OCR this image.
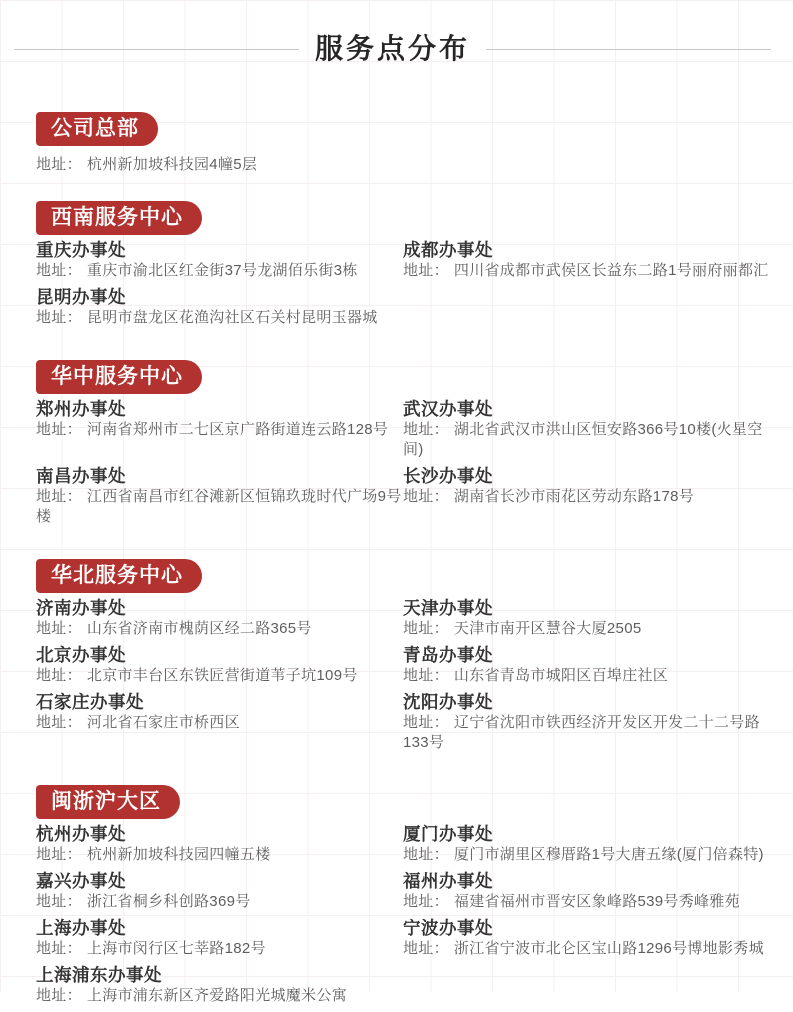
服务点分布
公司总部
地址： 杭州新加坡科技园4幢5层
西南服务中心
重庆办事处
地址： 重庆市渝北区红金街37号龙湖佰乐街3栋
成都办事处
地址： 四川省成都市武侯区长益东二路1号丽府丽都汇
昆明办事处
地址： 昆明市盘龙区花渔沟社区石关村昆明玉器城
华中服务中心
郑州办事处
地址： 河南省郑州市二七区京广路街道连云路128号
武汉办事处
地址： 湖北省武汉市洪山区恒安路366号10楼(火星空间)
南昌办事处
地址： 江西省南昌市红谷滩新区恒锦玖珑时代广场9号楼
长沙办事处
地址： 湖南省长沙市雨花区劳动东路178号
华北服务中心
济南办事处
地址： 山东省济南市槐荫区经二路365号
天津办事处
地址： 天津市南开区慧谷大厦2505
北京办事处
地址： 北京市丰台区东铁匠营街道苇子坑109号
青岛办事处
地址： 山东省青岛市城阳区百埠庄社区
石家庄办事处
地址： 河北省石家庄市桥西区
沈阳办事处
地址： 辽宁省沈阳市铁西经济开发区开发二十二号路133号
闽浙沪大区
杭州办事处
地址： 杭州新加坡科技园四幢五楼
厦门办事处
地址： 厦门市湖里区穆厝路1号大唐五缘(厦门倍森特)
嘉兴办事处
地址： 浙江省桐乡科创路369号
福州办事处
地址： 福建省福州市晋安区象峰路539号秀峰雅苑
上海办事处
地址： 上海市闵行区七莘路182号
宁波办事处
地址： 浙江省宁波市北仑区宝山路1296号博地影秀城
上海浦东办事处
地址： 上海市浦东新区齐爱路阳光城魔米公寓
